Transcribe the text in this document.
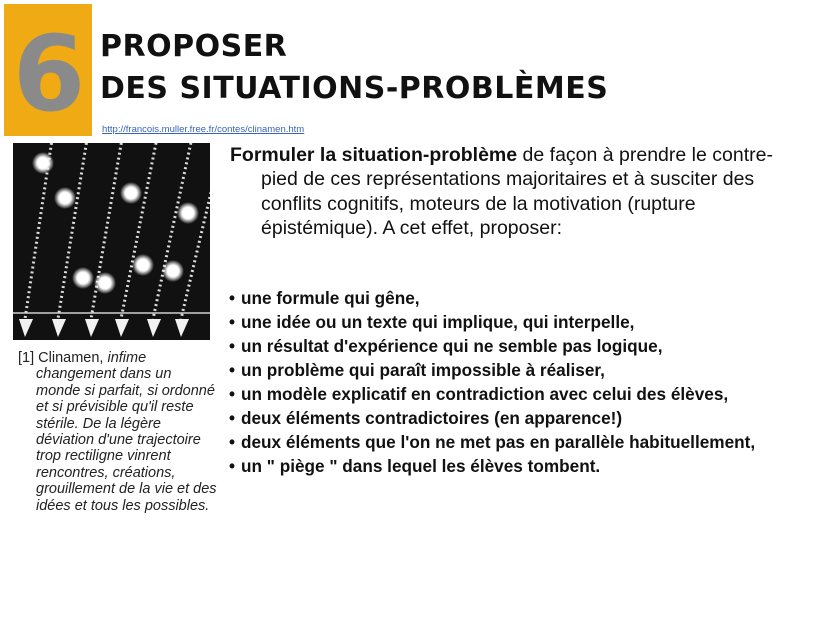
6 PROPOSER
DES SITUATIONS-PROBLÈMES
http://francois.muller.free.fr/contes/clinamen.htm

[1] Clinamen, infime changement dans un monde si parfait, si ordonné et si prévisible qu'il reste stérile. De la légère déviation d'une trajectoire trop rectiligne vinrent rencontres, créations, grouillement de la vie et des idées et tous les possibles.

Formuler la situation-problème de façon à prendre le contre-pied de ces représentations majoritaires et à susciter des conflits cognitifs, moteurs de la motivation (rupture épistémique). A cet effet, proposer:

• une formule qui gêne,
• une idée ou un texte qui implique, qui interpelle,
• un résultat d'expérience qui ne semble pas logique,
• un problème qui paraît impossible à réaliser,
• un modèle explicatif en contradiction avec celui des élèves,
• deux éléments contradictoires (en apparence!)
• deux éléments que l'on ne met pas en parallèle habituellement,
• un " piège " dans lequel les élèves tombent.
